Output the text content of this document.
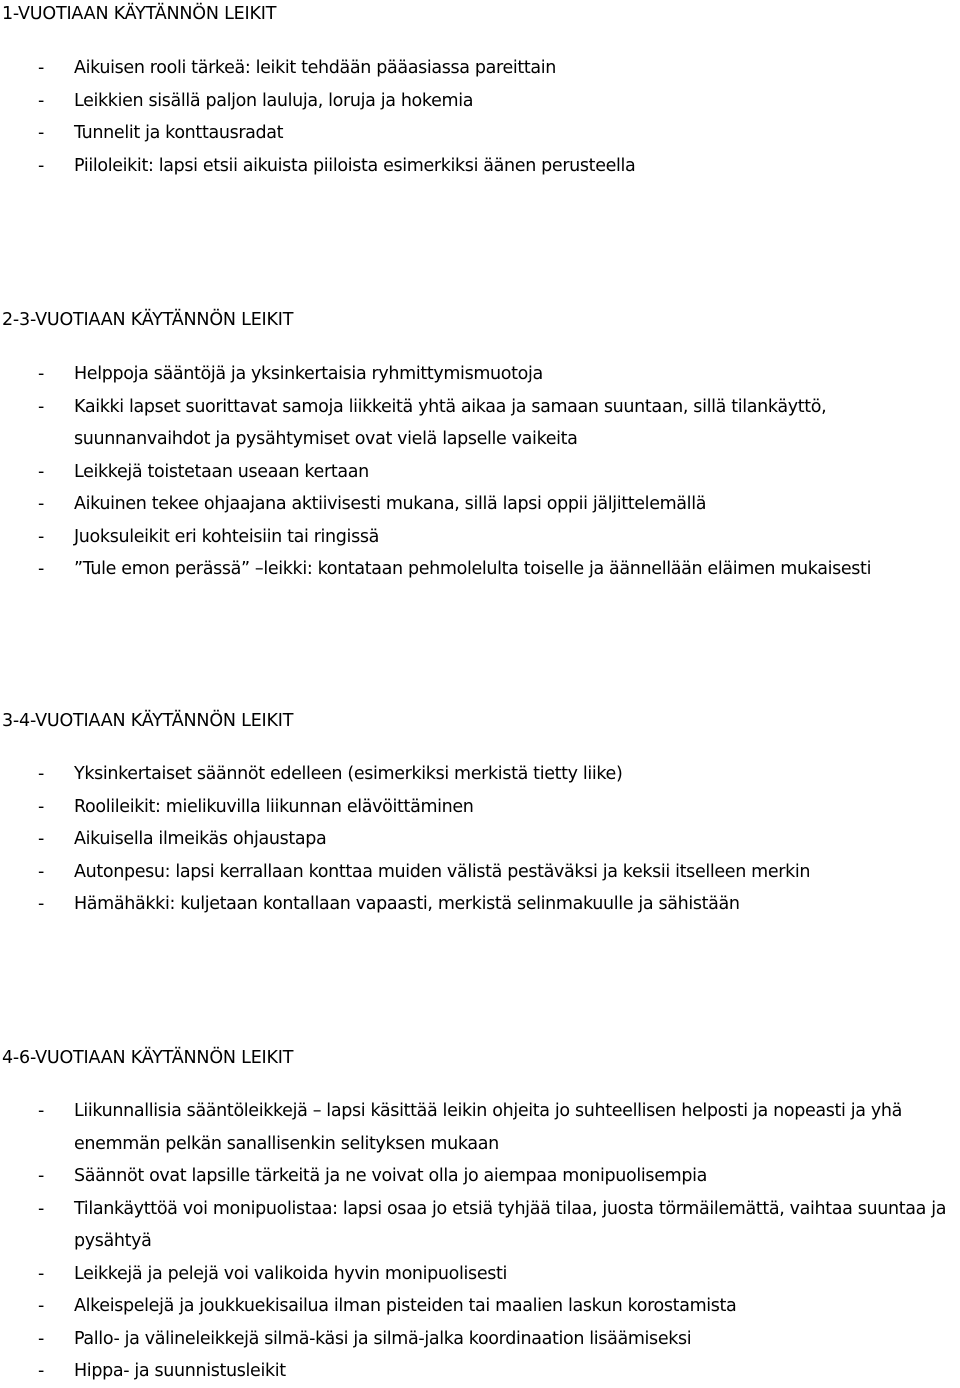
1-VUOTIAAN KÄYTÄNNÖN LEIKIT
- Aikuisen rooli tärkeä: leikit tehdään pääasiassa pareittain
- Leikkien sisällä paljon lauluja, loruja ja hokemia
- Tunnelit ja konttausradat
- Piiloleikit: lapsi etsii aikuista piiloista esimerkiksi äänen perusteella
2-3-VUOTIAAN KÄYTÄNNÖN LEIKIT
- Helppoja sääntöjä ja yksinkertaisia ryhmittymismuotoja
- Kaikki lapset suorittavat samoja liikkeitä yhtä aikaa ja samaan suuntaan, sillä tilankäyttö, suunnanvaihdot ja pysähtymiset ovat vielä lapselle vaikeita
- Leikkejä toistetaan useaan kertaan
- Aikuinen tekee ohjaajana aktiivisesti mukana, sillä lapsi oppii jäljittelemällä
- Juoksuleikit eri kohteisiin tai ringissä
- ”Tule emon perässä” –leikki: kontataan pehmolelulta toiselle ja äännellään eläimen mukaisesti
3-4-VUOTIAAN KÄYTÄNNÖN LEIKIT
- Yksinkertaiset säännöt edelleen (esimerkiksi merkistä tietty liike)
- Roolileikit: mielikuvilla liikunnan elävöittäminen
- Aikuisella ilmeikäs ohjaustapa
- Autonpesu: lapsi kerrallaan konttaa muiden välistä pestäväksi ja keksii itselleen merkin
- Hämähäkki: kuljetaan kontallaan vapaasti, merkistä selinmakuulle ja sähistään
4-6-VUOTIAAN KÄYTÄNNÖN LEIKIT
- Liikunnallisia sääntöleikkejä – lapsi käsittää leikin ohjeita jo suhteellisen helposti ja nopeasti ja yhä enemmän pelkän sanallisenkin selityksen mukaan
- Säännöt ovat lapsille tärkeitä ja ne voivat olla jo aiempaa monipuolisempia
- Tilankäyttöä voi monipuolistaa: lapsi osaa jo etsiä tyhjää tilaa, juosta törmäilemättä, vaihtaa suuntaa ja pysähtyä
- Leikkejä ja pelejä voi valikoida hyvin monipuolisesti
- Alkeispelejä ja joukkuekisailua ilman pisteiden tai maalien laskun korostamista
- Pallo- ja välineleikkejä silmä-käsi ja silmä-jalka koordinaation lisäämiseksi
- Hippa- ja suunnistusleikit
